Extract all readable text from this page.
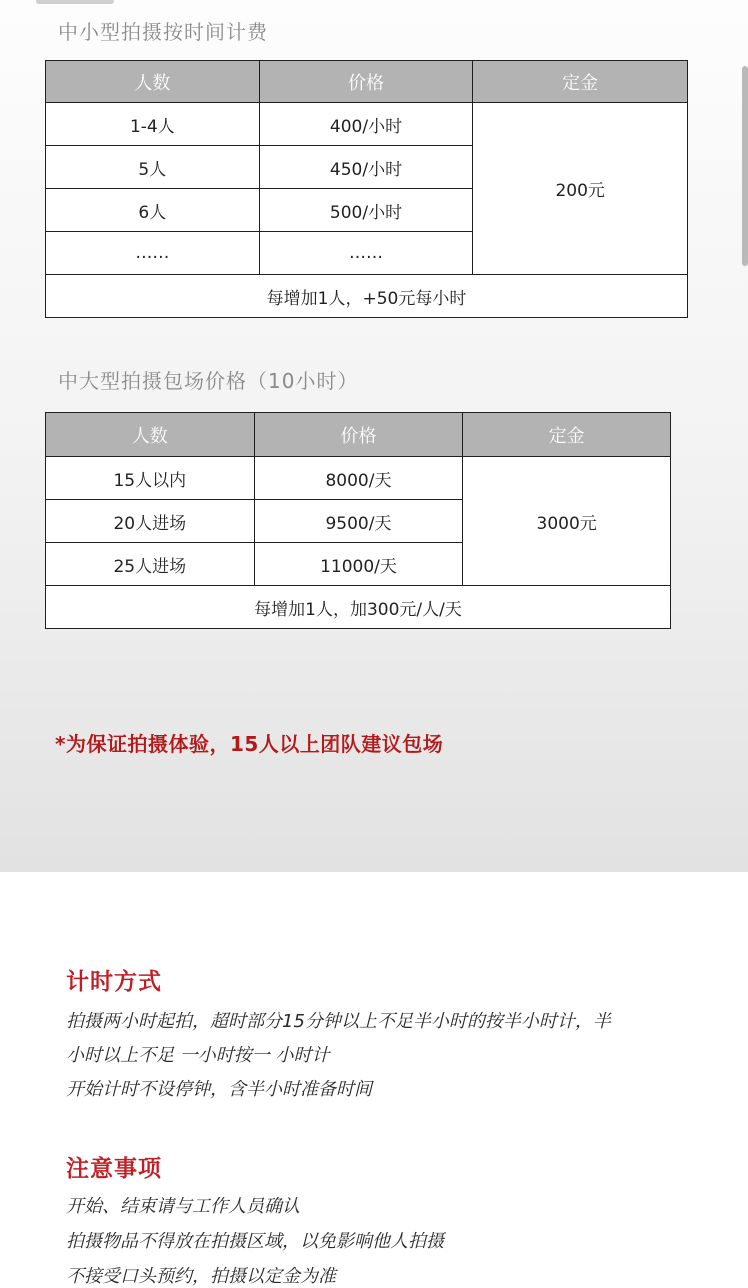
中小型拍摄按时间计费
人数	价格	定金
1-4人	400/小时	200元
5人	450/小时	
6人	500/小时	
……	……	
每增加1人，+50元每小时		
中大型拍摄包场价格（10小时）
人数	价格	定金
15人以内	8000/天	3000元
20人进场	9500/天	
25人进场	11000/天	
每增加1人，加300元/人/天		

*为保证拍摄体验，15人以上团队建议包场

计时方式

拍摄两小时起拍，超时部分15分钟以上不足半小时的按半小时计，半

小时以上不足 一小时按一 小时计

开始计时不设停钟，含半小时准备时间

注意事项

开始、结束请与工作人员确认

拍摄物品不得放在拍摄区域，以免影响他人拍摄

不接受口头预约，拍摄以定金为准
